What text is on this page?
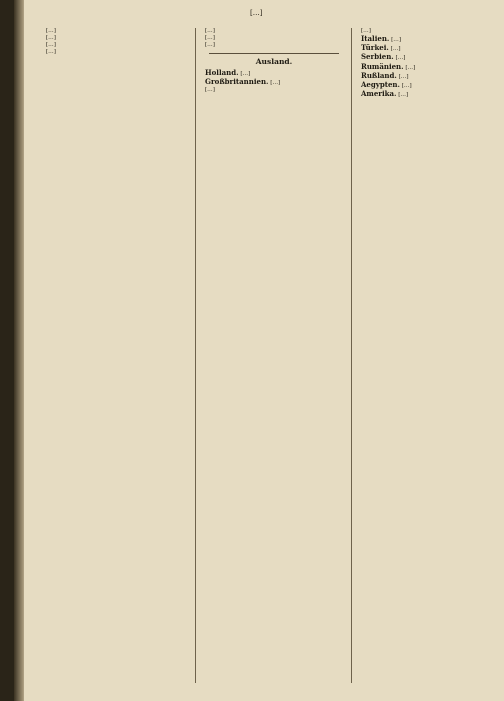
[…]

[…]

[…]

[…]

[…]

[…]

[…]

[…]

Ausland.

Holland. […]

Großbritannien. […]

[…]

[…]

Italien. […]

Türkei. […]

Serbien. […]

Rumänien. […]

Rußland. […]

Aegypten. […]

Amerika. […]
